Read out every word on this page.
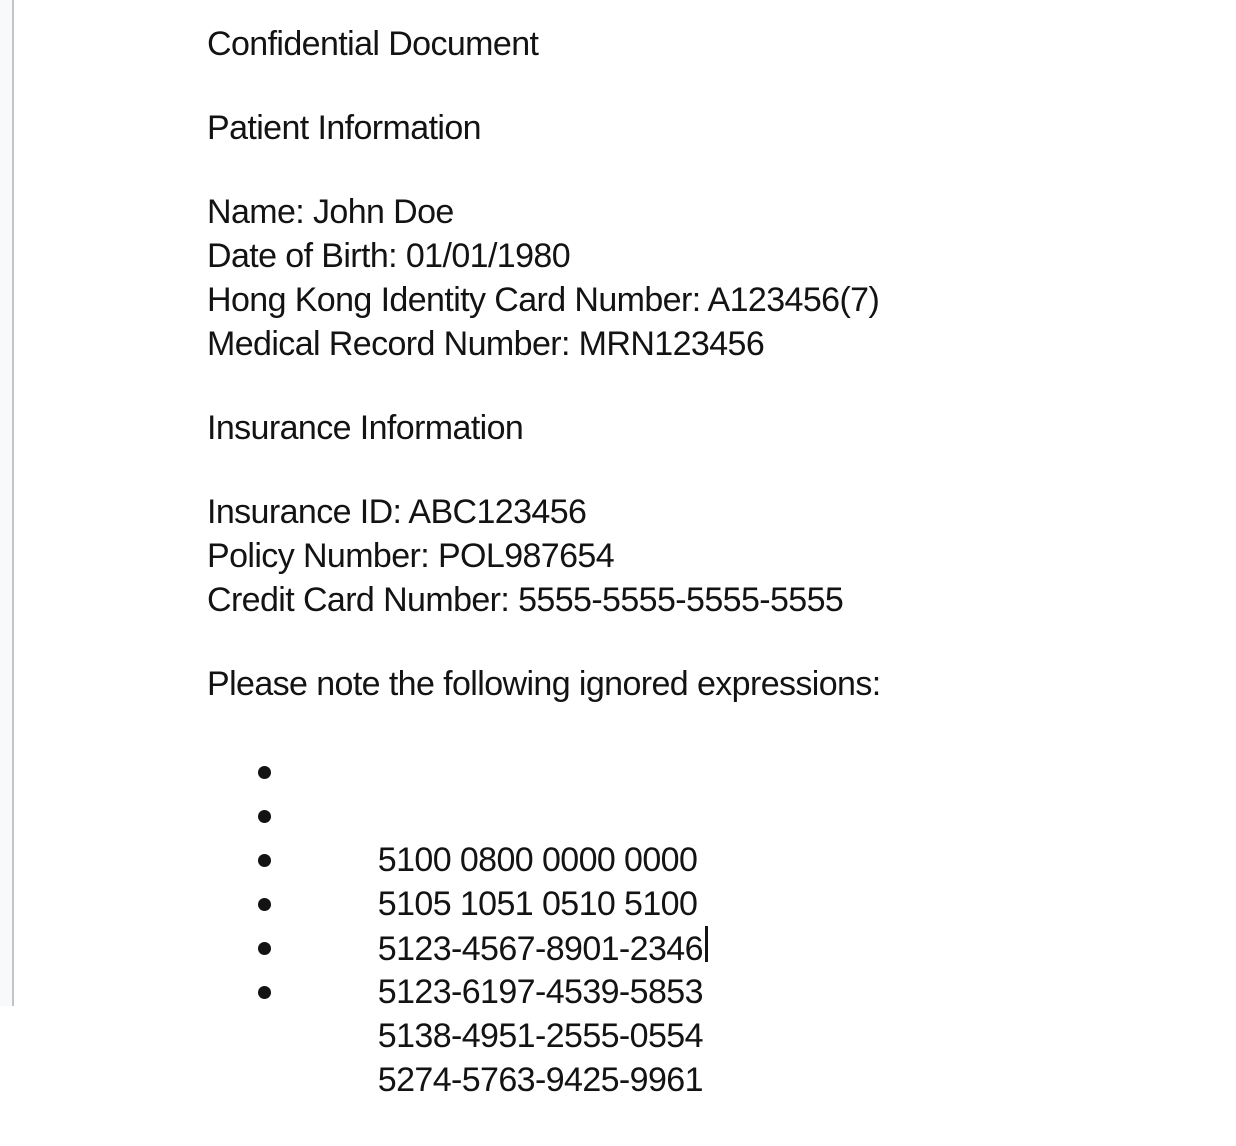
Confidential Document
Patient Information
Name: John Doe
Date of Birth: 01/01/1980
Hong Kong Identity Card Number: A123456(7)
Medical Record Number: MRN123456
Insurance Information
Insurance ID: ABC123456
Policy Number: POL987654
Credit Card Number: 5555-5555-5555-5555
Please note the following ignored expressions:

5100 0800 0000 0000

5105 1051 0510 5100

5123-4567-8901-2346

5123-6197-4539-5853

5138-4951-2555-0554

5274-5763-9425-9961
